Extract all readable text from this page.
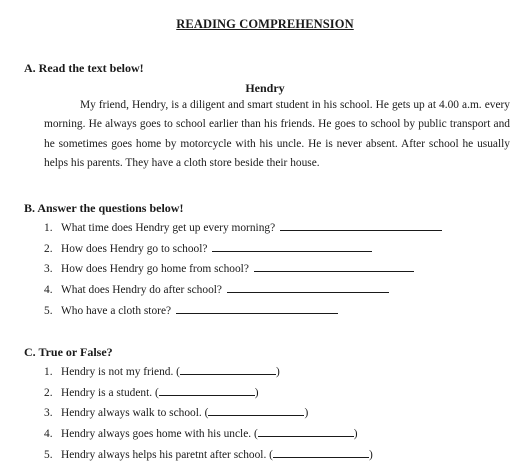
READING COMPREHENSION
A. Read the text below!
Hendry

My friend, Hendry, is a diligent and smart student in his school. He gets up at 4.00 a.m. every morning. He always goes to school earlier than his friends. He goes to school by public transport and he sometimes goes home by motorcycle with his uncle. He is never absent. After school he usually helps his parents. They have a cloth store beside their house.

B. Answer the questions below!
1. What time does Hendry get up every morning?
2. How does Hendry go to school?
3. How does Hendry go home from school?
4. What does Hendry do after school?
5. Who have a cloth store?
C. True or False?
1. Hendry is not my friend. (	)
2. Hendry is a student. (	)
3. Hendry always walk to school. (	)
4. Hendry always goes home with his uncle. (	)
5. Hendry always helps his paretnt after school. (	)
